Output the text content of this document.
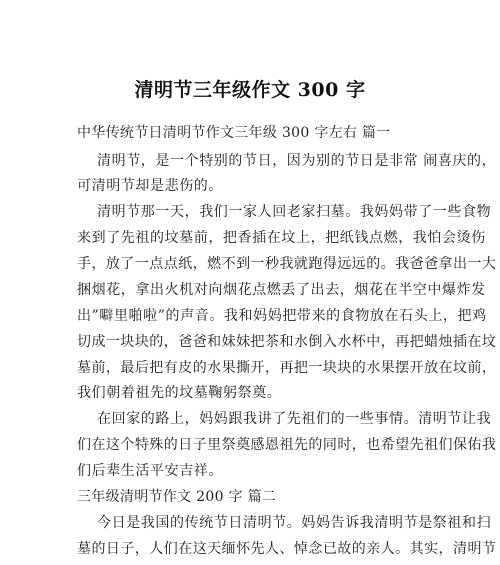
清明节三年级作文 300 字
中华传统节日清明节作文三年级 300 字左右 篇一
清明节，是一个特别的节日，因为别的节日是非常 闹喜庆的，
可清明节却是悲伤的。
清明节那一天，我们一家人回老家扫墓。我妈妈带了一些食物
来到了先祖的坟墓前，把香插在坟上，把纸钱点燃，我怕会烫伤
手，放了一点点纸，燃不到一秒我就跑得远远的。我爸爸拿出一大
捆烟花，拿出火机对向烟花点燃丢了出去，烟花在半空中爆炸发
出”噼里啪啦”的声音。我和妈妈把带来的食物放在石头上，把鸡
切成一块块的，爸爸和妹妹把茶和水倒入水杯中，再把蜡烛插在坟
墓前，最后把有皮的水果撕开，再把一块块的水果摆开放在坟前，
我们朝着祖先的坟墓鞠躬祭奠。
在回家的路上，妈妈跟我讲了先祖们的一些事情。清明节让我
们在这个特殊的日子里祭奠感恩祖先的同时，也希望先祖们保佑我
们后辈生活平安吉祥。
三年级清明节作文 200 字 篇二
今日是我国的传统节日清明节。妈妈告诉我清明节是祭祖和扫
墓的日子，人们在这天缅怀先人、悼念已故的亲人。其实，清明节
